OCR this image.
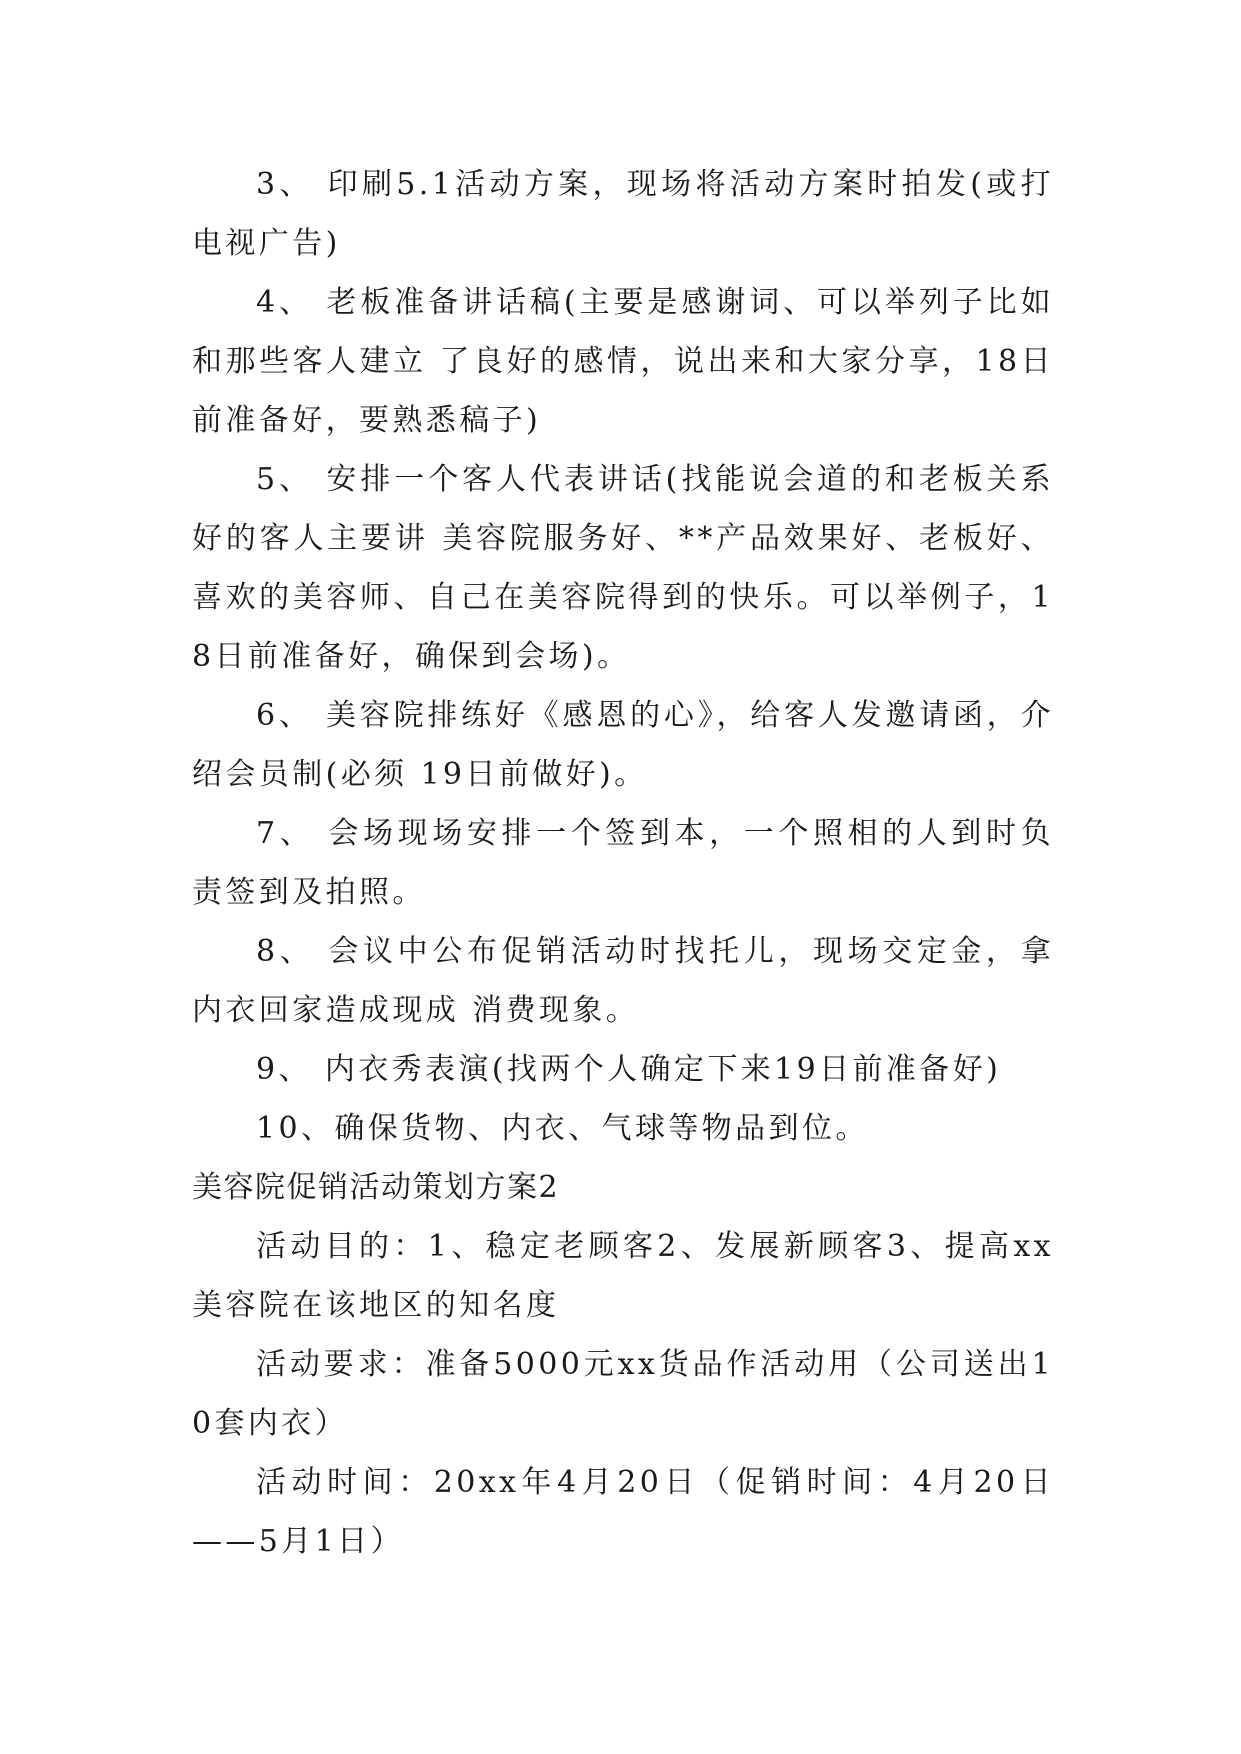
3、 印刷5.1活动方案，现场将活动方案时拍发(或打电视广告)

4、 老板准备讲话稿(主要是感谢词、可以举列子比如和那些客人建立 了良好的感情，说出来和大家分享，18日前准备好，要熟悉稿子)

5、 安排一个客人代表讲话(找能说会道的和老板关系好的客人主要讲 美容院服务好、**产品效果好、老板好、喜欢的美容师、自己在美容院得到的快乐。可以举例子，18日前准备好，确保到会场)。

6、 美容院排练好《感恩的心》，给客人发邀请函，介绍会员制(必须 19日前做好)。

7、 会场现场安排一个签到本，一个照相的人到时负责签到及拍照。

8、 会议中公布促销活动时找托儿，现场交定金，拿内衣回家造成现成 消费现象。

9、 内衣秀表演(找两个人确定下来19日前准备好)

10、确保货物、内衣、气球等物品到位。

美容院促销活动策划方案2

活动目的：1、稳定老顾客2、发展新顾客3、提高xx美容院在该地区的知名度

活动要求：准备5000元xx货品作活动用（公司送出10套内衣）

活动时间：20xx年4月20日（促销时间：4月20日——5月1日）
